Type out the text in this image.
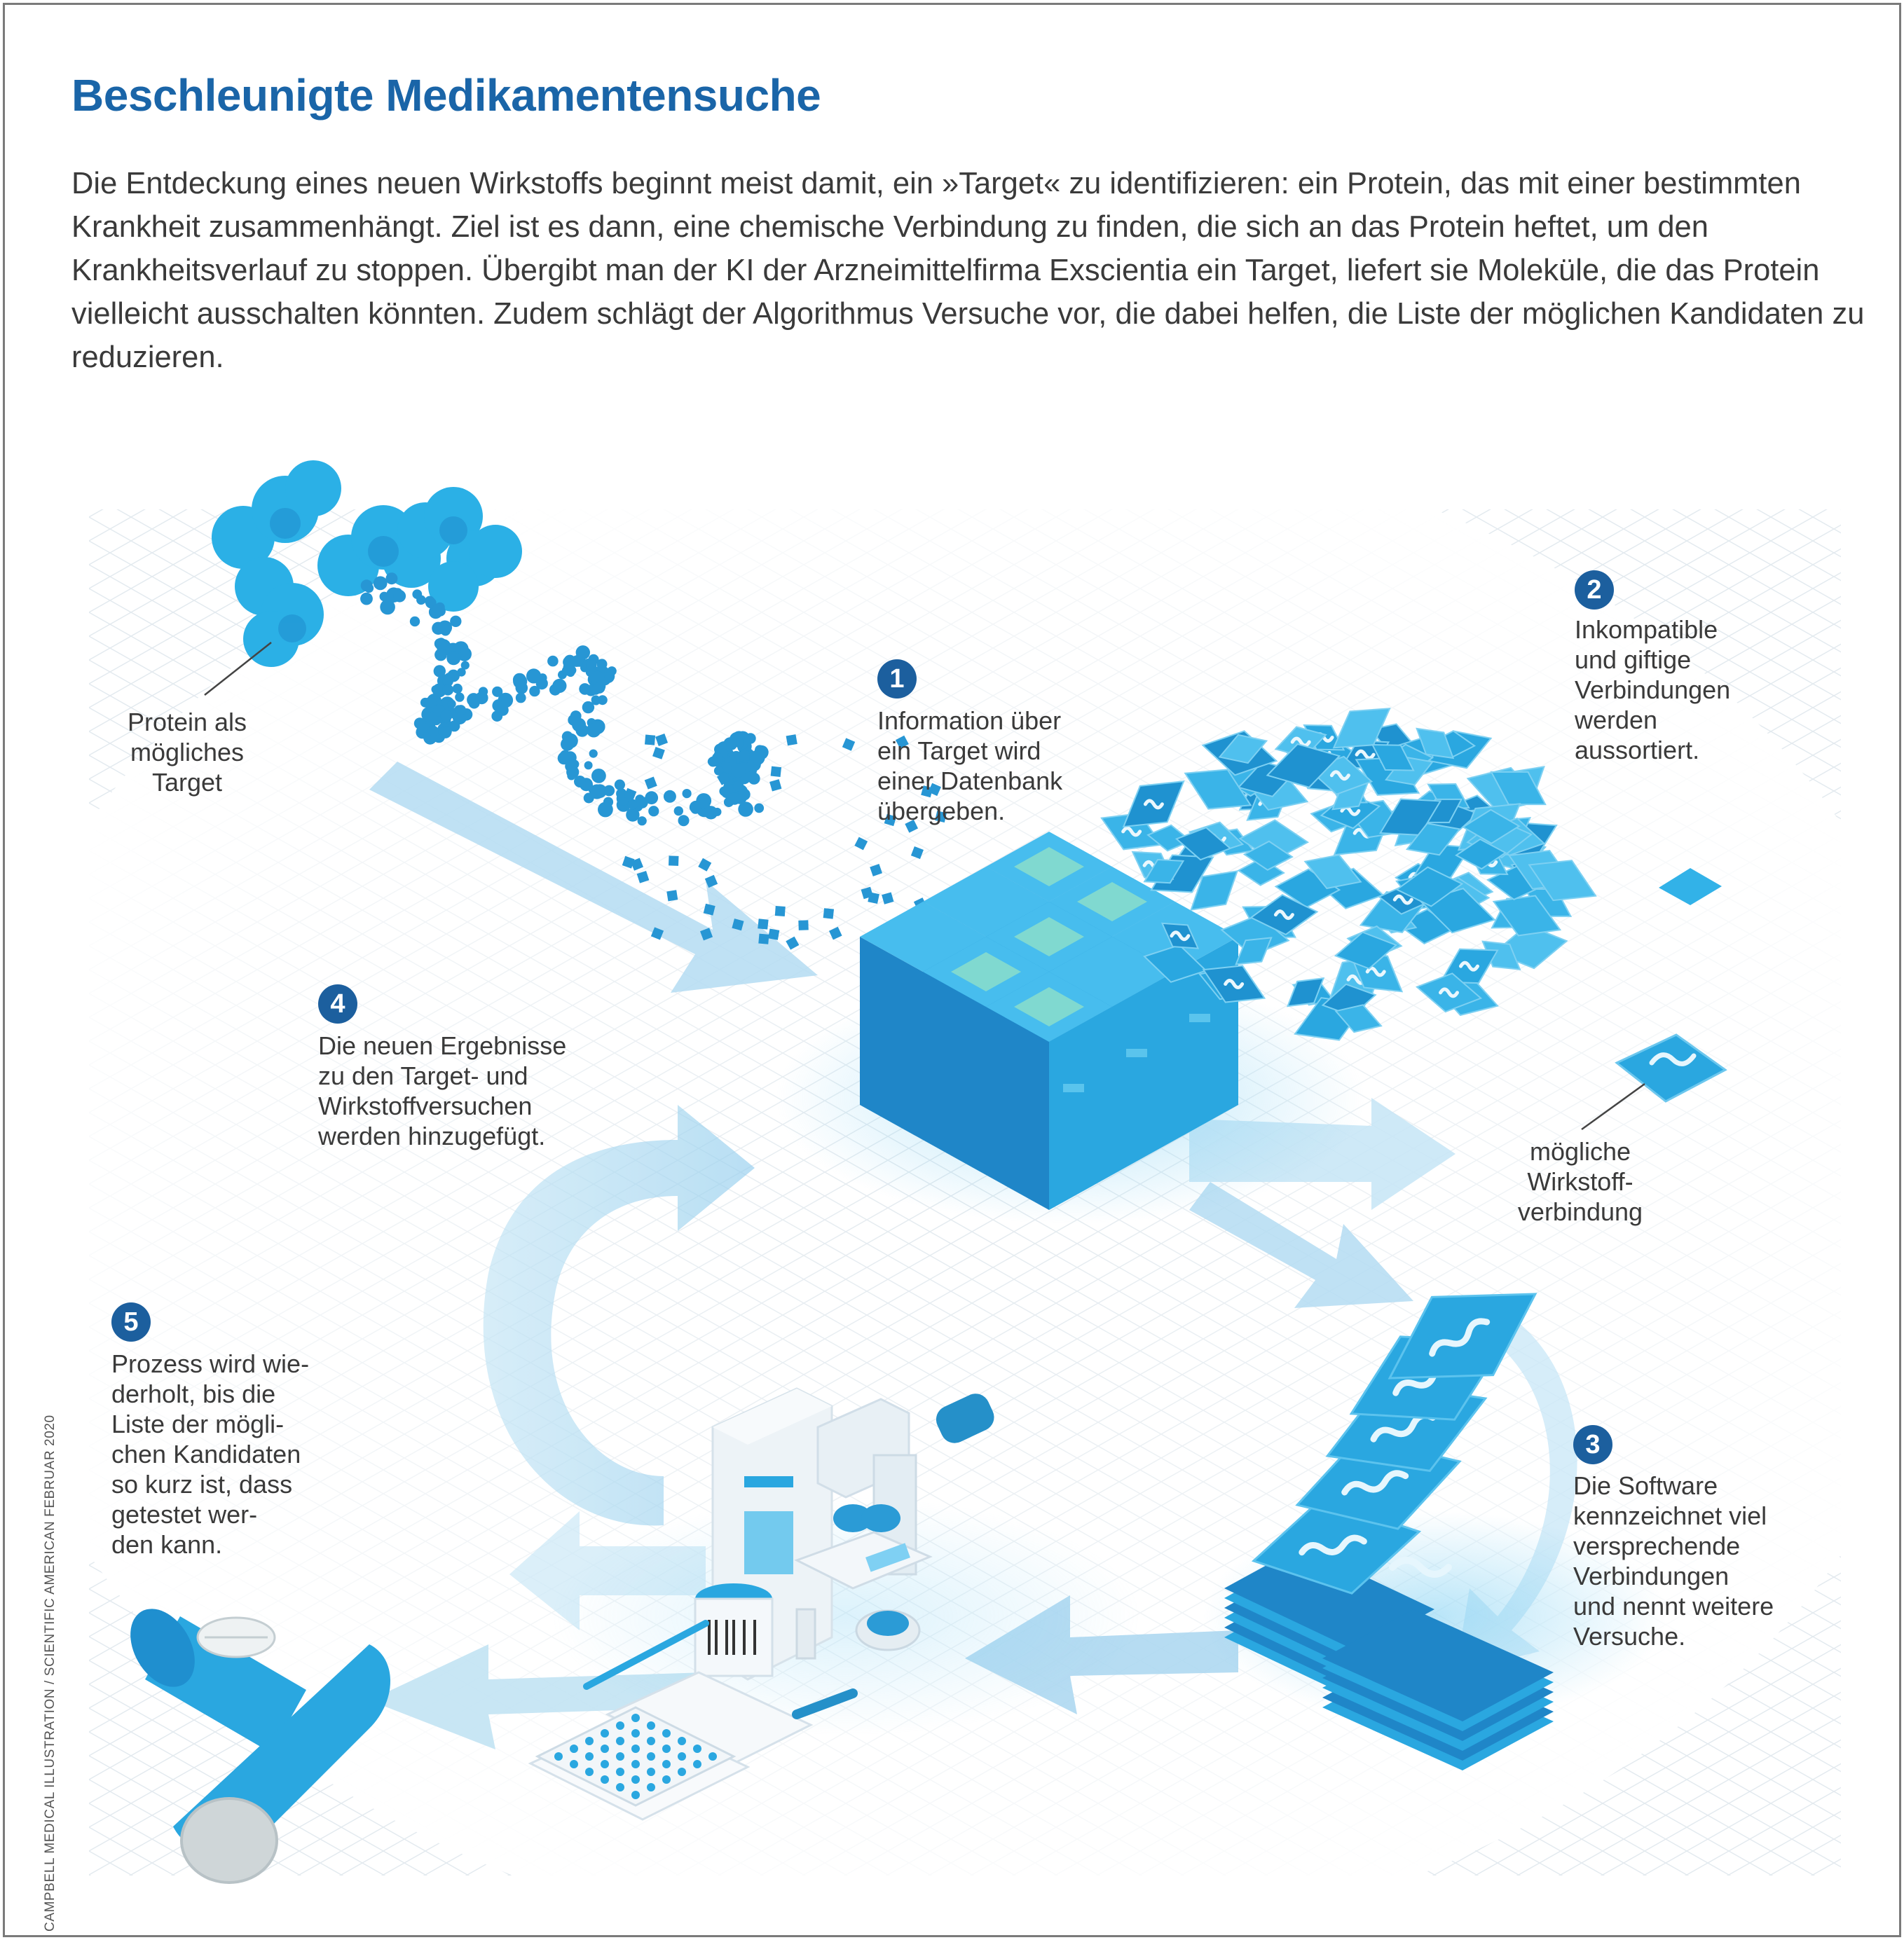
Beschleunigte Medikamentensuche

Die Entdeckung eines neuen Wirkstoffs beginnt meist damit, ein »Target« zu identifizieren: ein Protein, das mit einer bestimmten Krankheit zusammenhängt. Ziel ist es dann, eine chemische Verbindung zu finden, die sich an das Protein heftet, um den Krankheitsverlauf zu stoppen. Übergibt man der KI der Arzneimittelfirma Exscientia ein Target, liefert sie Moleküle, die das Protein vielleicht ausschalten könnten. Zudem schlägt der Algorithmus Versuche vor, die dabei helfen, die Liste der möglichen Kandidaten zu reduzieren.

Protein als
mögliches
Target

mögliche
Wirkstoff-
verbindung

1

Information über
ein Target wird
einer Datenbank
übergeben.

2

Inkompatible
und giftige
Verbindungen
werden
aussortiert.

3

Die Software
kennzeichnet viel
versprechende
Verbindungen
und nennt weitere
Versuche.

4

Die neuen Ergebnisse
zu den Target- und
Wirkstoffversuchen
werden hinzugefügt.

5

Prozess wird wie-
derholt, bis die
Liste der mögli-
chen Kandidaten
so kurz ist, dass
getestet wer-
den kann.

CAMPBELL MEDICAL ILLUSTRATION / SCIENTIFIC AMERICAN FEBRUAR 2020
